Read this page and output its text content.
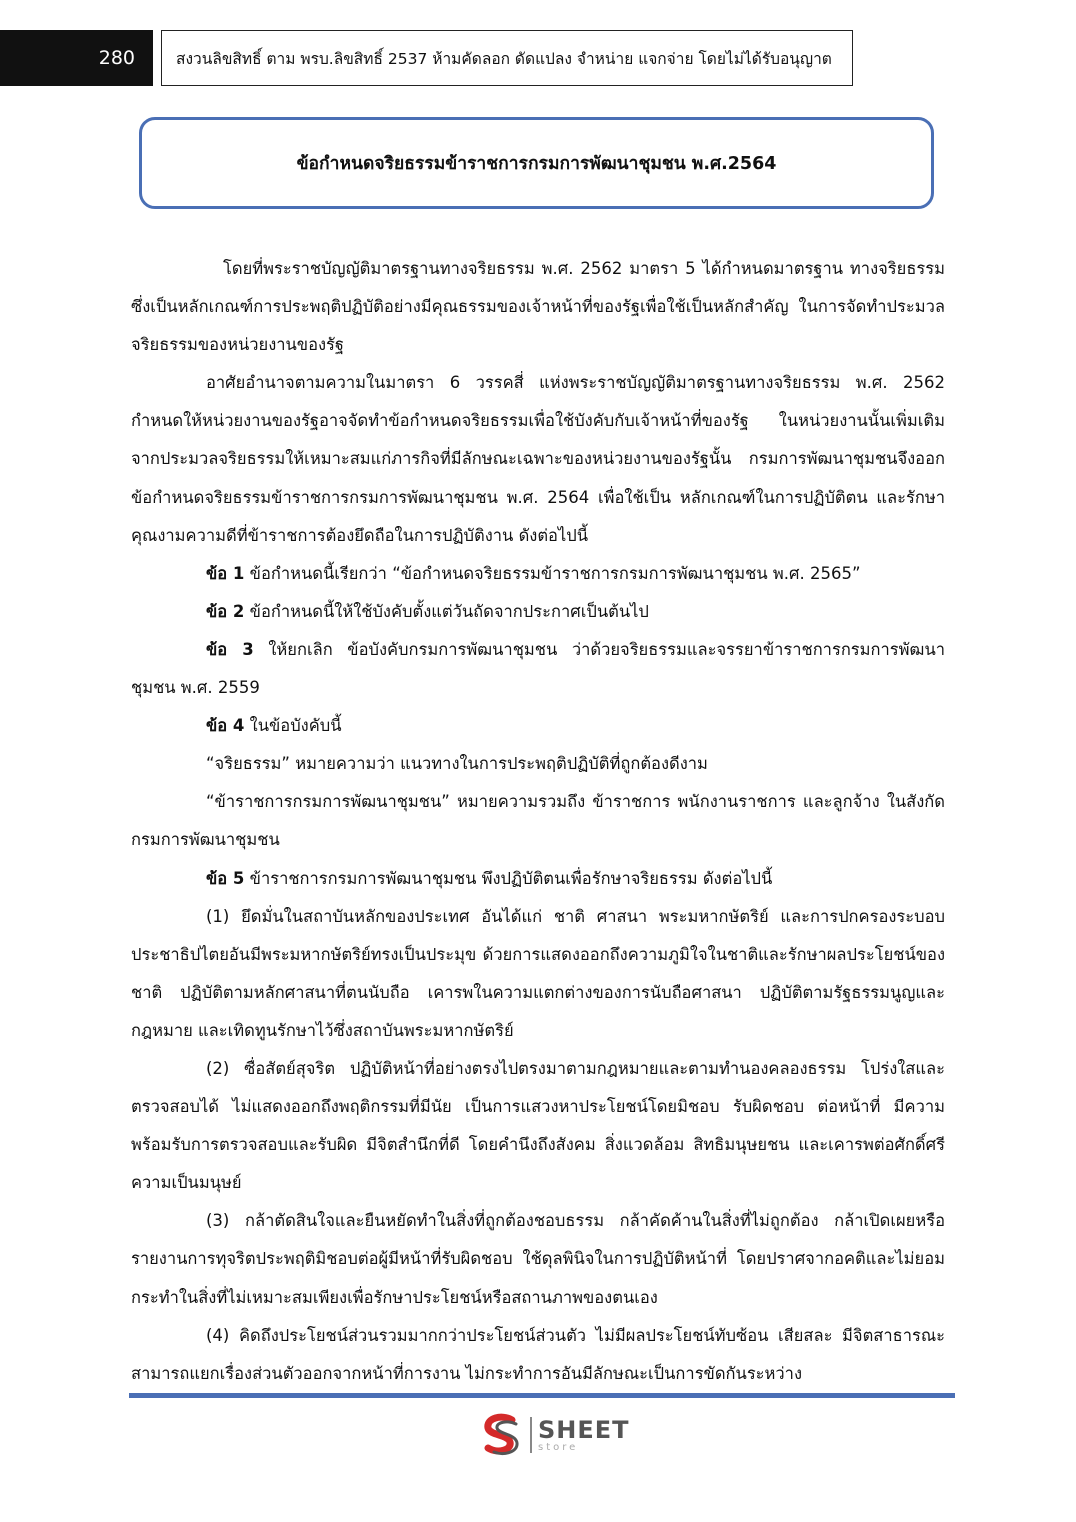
280	สงวนลิขสิทธิ์ ตาม พรบ.ลิขสิทธิ์ 2537 ห้ามคัดลอก ดัดแปลง จำหน่าย แจกจ่าย โดยไม่ได้รับอนุญาต
ข้อกำหนดจริยธรรมข้าราชการกรมการพัฒนาชุมชน พ.ศ.2564

โดยที่พระราชบัญญัติมาตรฐานทางจริยธรรม พ.ศ. 2562 มาตรา 5 ได้กำหนดมาตรฐาน ทางจริยธรรมซึ่งเป็นหลักเกณฑ์การประพฤติปฏิบัติอย่างมีคุณธรรมของเจ้าหน้าที่ของรัฐเพื่อใช้เป็นหลักสำคัญ ในการจัดทำประมวลจริยธรรมของหน่วยงานของรัฐ

อาศัยอำนาจตามความในมาตรา 6 วรรคสี่ แห่งพระราชบัญญัติมาตรฐานทางจริยธรรม พ.ศ. 2562 กำหนดให้หน่วยงานของรัฐอาจจัดทำข้อกำหนดจริยธรรมเพื่อใช้บังคับกับเจ้าหน้าที่ของรัฐ ในหน่วยงานนั้นเพิ่มเติมจากประมวลจริยธรรมให้เหมาะสมแก่ภารกิจที่มีลักษณะเฉพาะของหน่วยงานของรัฐนั้น กรมการพัฒนาชุมชนจึงออกข้อกำหนดจริยธรรมข้าราชการกรมการพัฒนาชุมชน พ.ศ. 2564 เพื่อใช้เป็น หลักเกณฑ์ในการปฏิบัติตน และรักษาคุณงามความดีที่ข้าราชการต้องยึดถือในการปฏิบัติงาน ดังต่อไปนี้

ข้อ 1 ข้อกำหนดนี้เรียกว่า “ข้อกำหนดจริยธรรมข้าราชการกรมการพัฒนาชุมชน พ.ศ. 2565”

ข้อ 2 ข้อกำหนดนี้ให้ใช้บังคับตั้งแต่วันถัดจากประกาศเป็นต้นไป

ข้อ 3 ให้ยกเลิก ข้อบังคับกรมการพัฒนาชุมชน ว่าด้วยจริยธรรมและจรรยาข้าราชการกรมการพัฒนาชุมชน พ.ศ. 2559

ข้อ 4 ในข้อบังคับนี้

“จริยธรรม” หมายความว่า แนวทางในการประพฤติปฏิบัติที่ถูกต้องดีงาม

“ข้าราชการกรมการพัฒนาชุมชน” หมายความรวมถึง ข้าราชการ พนักงานราชการ และลูกจ้าง ในสังกัดกรมการพัฒนาชุมชน

ข้อ 5 ข้าราชการกรมการพัฒนาชุมชน พึงปฏิบัติตนเพื่อรักษาจริยธรรม ดังต่อไปนี้

(1) ยึดมั่นในสถาบันหลักของประเทศ อันได้แก่ ชาติ ศาสนา พระมหากษัตริย์ และการปกครองระบอบประชาธิปไตยอันมีพระมหากษัตริย์ทรงเป็นประมุข ด้วยการแสดงออกถึงความภูมิใจในชาติและรักษาผลประโยชน์ของชาติ ปฏิบัติตามหลักศาสนาที่ตนนับถือ เคารพในความแตกต่างของการนับถือศาสนา ปฏิบัติตามรัฐธรรมนูญและกฎหมาย และเทิดทูนรักษาไว้ซึ่งสถาบันพระมหากษัตริย์

(2) ซื่อสัตย์สุจริต ปฏิบัติหน้าที่อย่างตรงไปตรงมาตามกฎหมายและตามทำนองคลองธรรม โปร่งใสและตรวจสอบได้ ไม่แสดงออกถึงพฤติกรรมที่มีนัย เป็นการแสวงหาประโยชน์โดยมิชอบ รับผิดชอบ ต่อหน้าที่ มีความพร้อมรับการตรวจสอบและรับผิด มีจิตสำนึกที่ดี โดยคำนึงถึงสังคม สิ่งแวดล้อม สิทธิมนุษยชน และเคารพต่อศักดิ์ศรีความเป็นมนุษย์

(3) กล้าตัดสินใจและยืนหยัดทำในสิ่งที่ถูกต้องชอบธรรม กล้าคัดค้านในสิ่งที่ไม่ถูกต้อง กล้าเปิดเผยหรือรายงานการทุจริตประพฤติมิชอบต่อผู้มีหน้าที่รับผิดชอบ ใช้ดุลพินิจในการปฏิบัติหน้าที่ โดยปราศจากอคติและไม่ยอมกระทำในสิ่งที่ไม่เหมาะสมเพียงเพื่อรักษาประโยชน์หรือสถานภาพของตนเอง

(4) คิดถึงประโยชน์ส่วนรวมมากกว่าประโยชน์ส่วนตัว ไม่มีผลประโยชน์ทับซ้อน เสียสละ มีจิตสาธารณะ สามารถแยกเรื่องส่วนตัวออกจากหน้าที่การงาน ไม่กระทำการอันมีลักษณะเป็นการขัดกันระหว่าง

SHEET
store
